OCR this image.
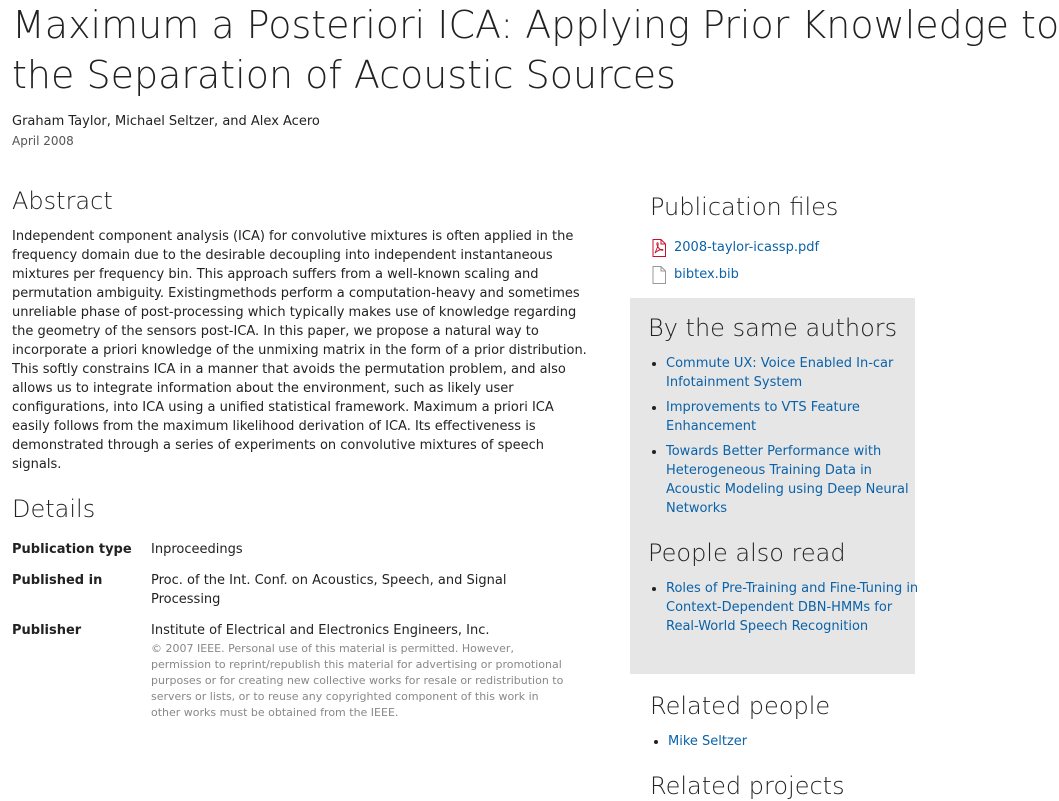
Maximum a Posteriori ICA: Applying Prior Knowledge to
the Separation of Acoustic Sources
Graham Taylor, Michael Seltzer, and Alex Acero
April 2008
Abstract

Independent component analysis (ICA) for convolutive mixtures is often applied in the frequency domain due to the desirable decoupling into independent instantaneous mixtures per frequency bin. This approach suffers from a well-known scaling and permutation ambiguity. Existingmethods perform a computation-heavy and sometimes unreliable phase of post-processing which typically makes use of knowledge regarding the geometry of the sensors post-ICA. In this paper, we propose a natural way to incorporate a priori knowledge of the unmixing matrix in the form of a prior distribution. This softly constrains ICA in a manner that avoids the permutation problem, and also allows us to integrate information about the environment, such as likely user configurations, into ICA using a unified statistical framework. Maximum a priori ICA easily follows from the maximum likelihood derivation of ICA. Its effectiveness is demonstrated through a series of experiments on convolutive mixtures of speech signals.

Details
Publication type	Inproceedings
Published in	Proc. of the Int. Conf. on Acoustics, Speech, and Signal Processing
Publisher	Institute of Electrical and Electronics Engineers, Inc.
© 2007 IEEE. Personal use of this material is permitted. However, permission to reprint/republish this material for advertising or promotional purposes or for creating new collective works for resale or redistribution to servers or lists, or to reuse any copyrighted component of this work in other works must be obtained from the IEEE.
Publication files
2008-taylor-icassp.pdf
bibtex.bib
By the same authors
• Commute UX: Voice Enabled In-car Infotainment System
• Improvements to VTS Feature Enhancement
• Towards Better Performance with Heterogeneous Training Data in Acoustic Modeling using Deep Neural Networks
People also read
• Roles of Pre-Training and Fine-Tuning in Context-Dependent DBN-HMMs for Real-World Speech Recognition
Related people
• Mike Seltzer
Related projects
